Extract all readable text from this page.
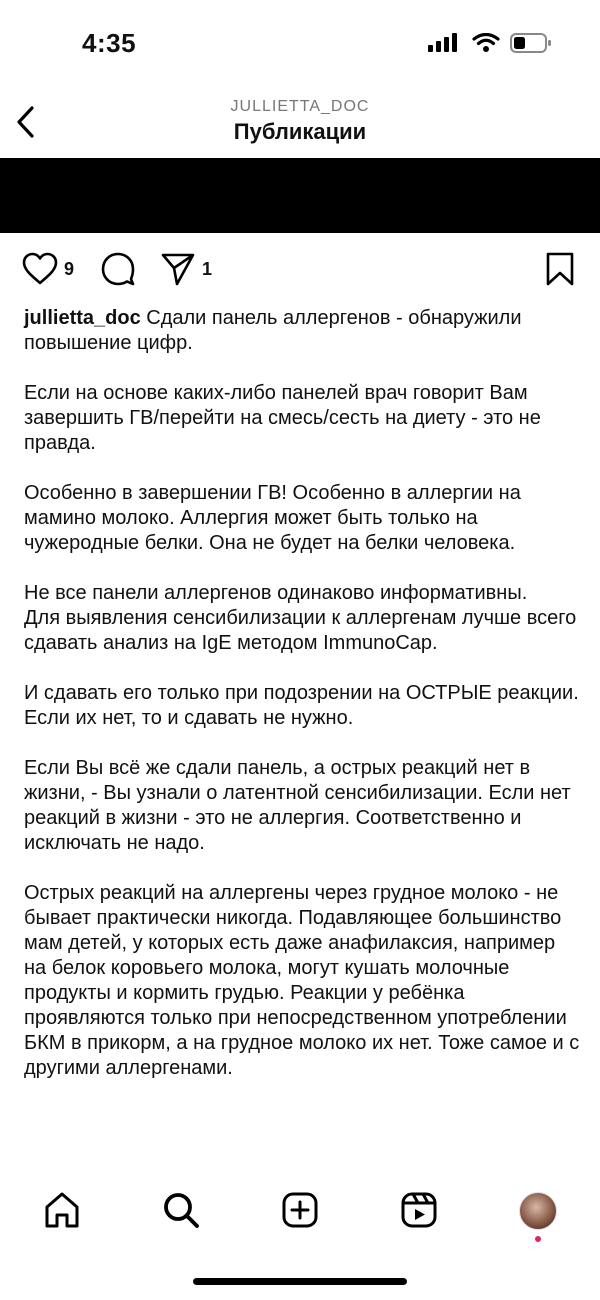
4:35
JULLIETTA_DOC
Публикации
9	1

jullietta_doc Сдали панель аллергенов - обнаружили повышение цифр.

Если на основе каких-либо панелей врач говорит Вам завершить ГВ/перейти на смесь/сесть на диету - это не правда.

Особенно в завершении ГВ! Особенно в аллергии на мамино молоко. Аллергия может быть только на чужеродные белки. Она не будет на белки человека.

Не все панели аллергенов одинаково информативны.

Для выявления сенсибилизации к аллергенам лучше всего сдавать анализ на IgE методом ImmunoCap.

И сдавать его только при подозрении на ОСТРЫЕ реакции. Если их нет, то и сдавать не нужно.

Если Вы всё же сдали панель, а острых реакций нет в жизни, - Вы узнали о латентной сенсибилизации. Если нет реакций в жизни - это не аллергия. Соответственно и исключать не надо.

Острых реакций на аллергены через грудное молоко - не бывает практически никогда. Подавляющее большинство мам детей, у которых есть даже анафилаксия, например на белок коровьего молока, могут кушать молочные продукты и кормить грудью. Реакции у ребёнка проявляются только при непосредственном употреблении БКМ в прикорм, а на грудное молоко их нет. Тоже самое и с другими аллергенами.
